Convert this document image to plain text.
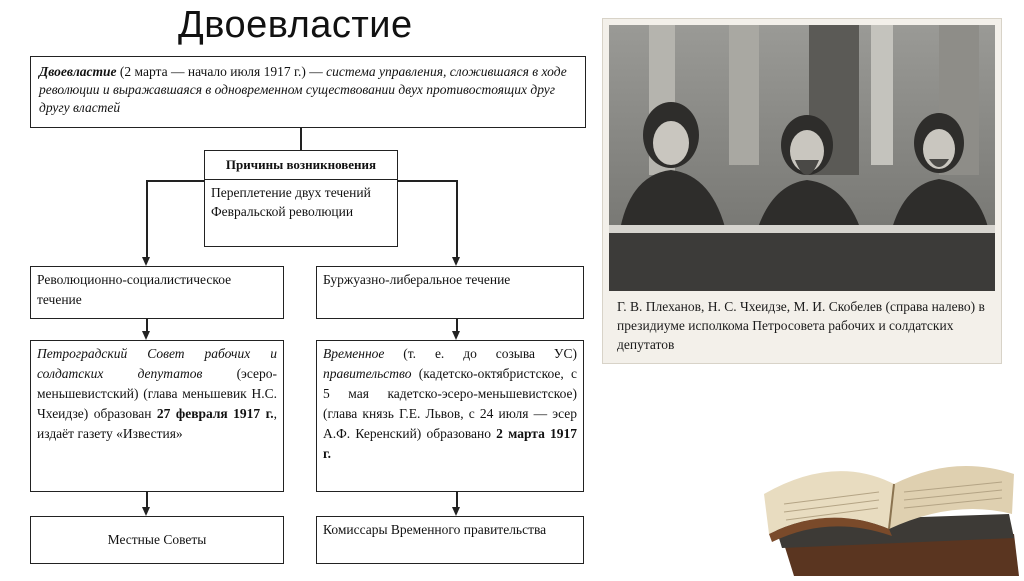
Двоевластие
Двоевластие (2 марта — начало июля 1917 г.) — система управления, сложившаяся в ходе революции и выражавшаяся в одновременном существовании двух противостоящих друг другу властей
Причины возникновения
Переплетение двух течений Февральской революции
Революционно-социалистическое течение
Буржуазно-либеральное течение
Петроградский Совет рабочих и солдатских депутатов (эсеро-меньшевистский) (глава меньшевик Н.С. Чхеидзе) образован 27 февраля 1917 г., издаёт газету «Известия»
Временное (т. е. до созыва УС) правительство (кадетско-октябристское, с 5 мая кадетско-эсеро-меньшевистское) (глава князь Г.Е. Львов, с 24 июля — эсер А.Ф. Керенский) образовано 2 марта 1917 г.
Местные Советы
Комиссары Временного правительства
Г. В. Плеханов, Н. С. Чхеидзе, М. И. Скобелев (справа налево) в президиуме исполкома Петросовета рабочих и солдатских депутатов
